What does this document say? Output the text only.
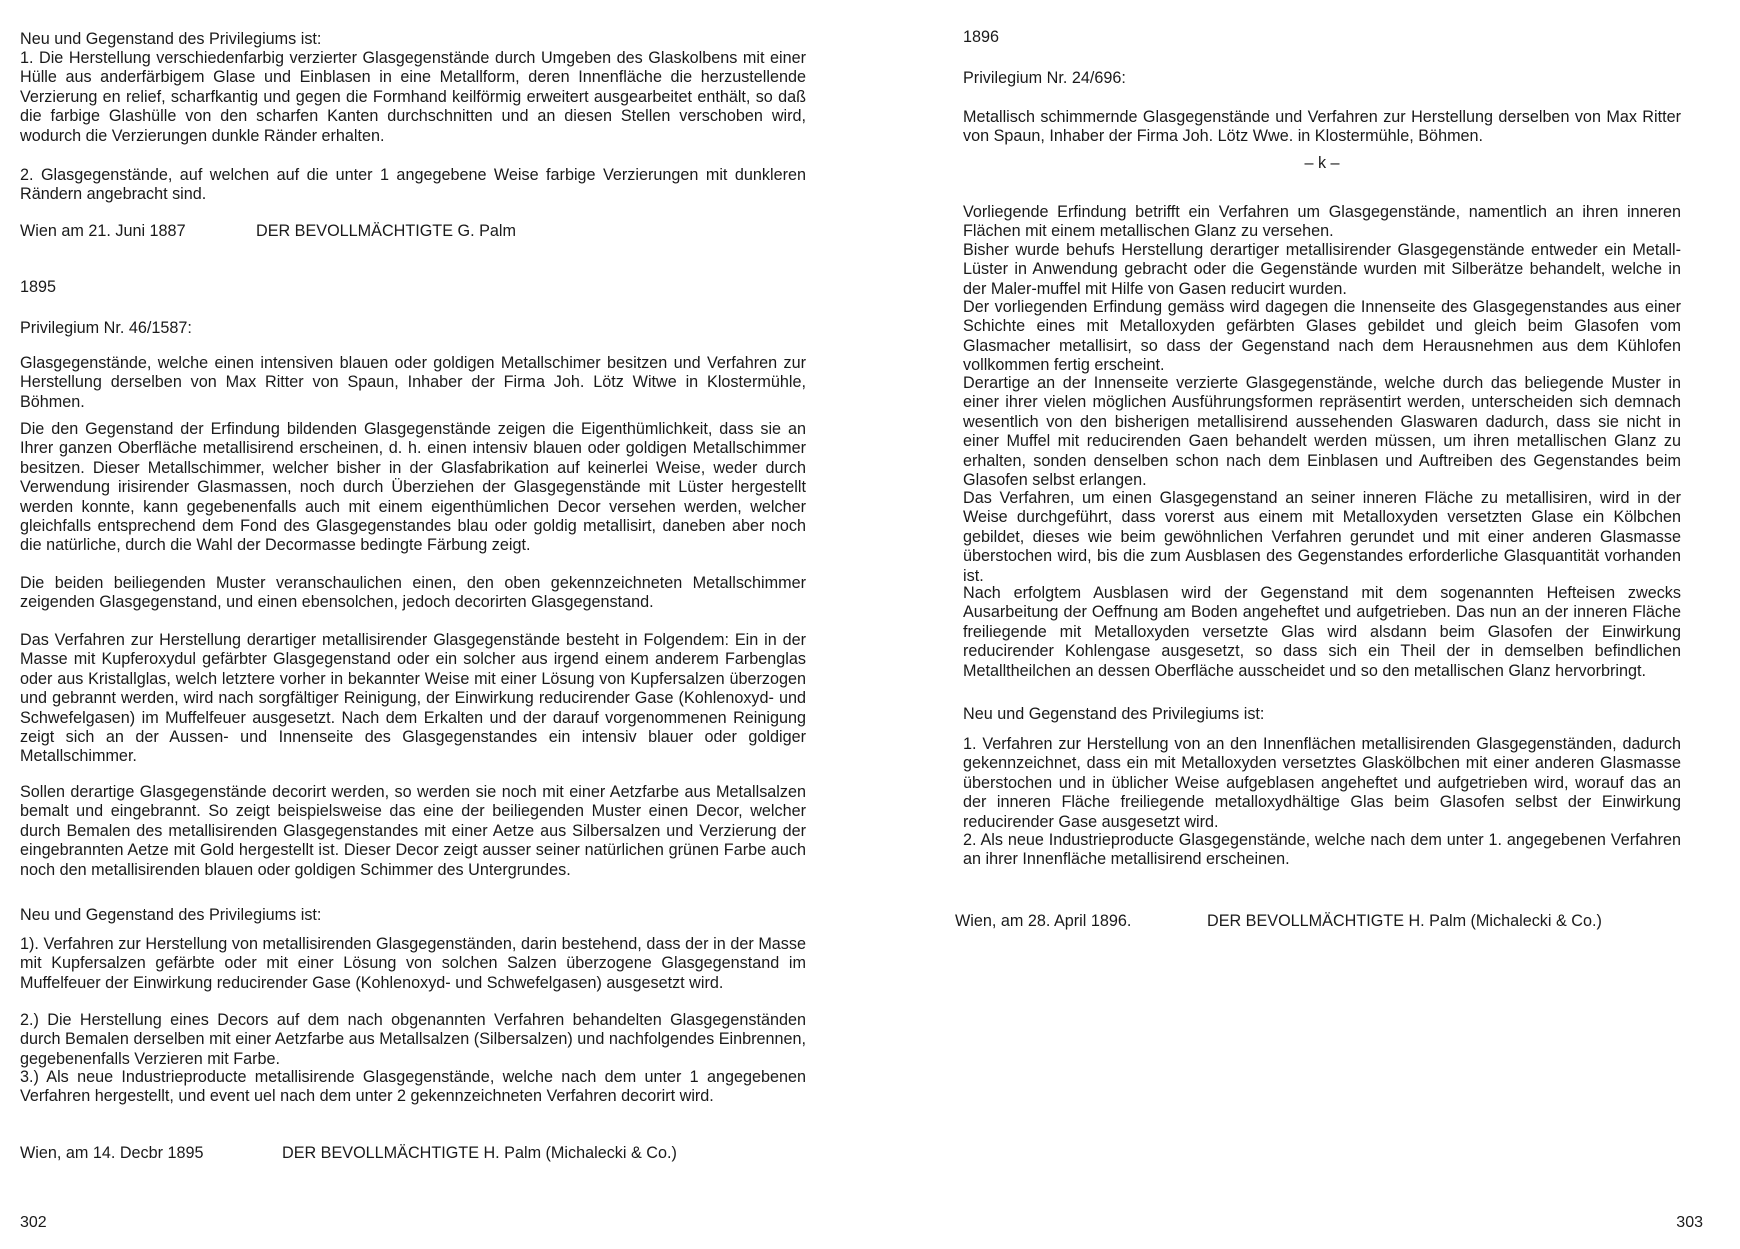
Neu und Gegenstand des Privilegiums ist:

1. Die Herstellung verschiedenfarbig verzierter Glasgegenstände durch Umgeben des Glaskolbens mit einer Hülle aus anderfärbigem Glase und Einblasen in eine Metallform, deren Innenfläche die herzustellende Verzierung en relief, scharfkantig und gegen die Formhand keilförmig erweitert ausgearbeitet enthält, so daß die farbige Glashülle von den scharfen Kanten durchschnitten und an diesen Stellen verschoben wird, wodurch die Verzierungen dunkle Ränder erhalten.

2. Glasgegenstände, auf welchen auf die unter 1 angegebene Weise farbige Verzierungen mit dunkleren Rändern angebracht sind.

Wien am 21. Juni 1887	DER BEVOLLMÄCHTIGTE G. Palm

1895

Privilegium Nr. 46/1587:

Glasgegenstände, welche einen intensiven blauen oder goldigen Metallschimer besitzen und Verfahren zur Herstellung derselben von Max Ritter von Spaun, Inhaber der Firma Joh. Lötz Witwe in Klostermühle, Böhmen.

Die den Gegenstand der Erfindung bildenden Glasgegenstände zeigen die Eigenthümlichkeit, dass sie an Ihrer ganzen Oberfläche metallisirend erscheinen, d. h. einen intensiv blauen oder goldigen Metallschimmer besitzen. Dieser Metallschimmer, welcher bisher in der Glasfabrikation auf keinerlei Weise, weder durch Verwendung irisirender Glasmassen, noch durch Überziehen der Glasgegenstände mit Lüster hergestellt werden konnte, kann gegebenenfalls auch mit einem eigenthümlichen Decor versehen werden, welcher gleichfalls entsprechend dem Fond des Glasgegenstandes blau oder goldig metallisirt, daneben aber noch die natürliche, durch die Wahl der Decormasse bedingte Färbung zeigt.

Die beiden beiliegenden Muster veranschaulichen einen, den oben gekennzeichneten Metallschimmer zeigenden Glasgegenstand, und einen ebensolchen, jedoch decorirten Glasgegenstand.

Das Verfahren zur Herstellung derartiger metallisirender Glasgegenstände besteht in Folgendem: Ein in der Masse mit Kupferoxydul gefärbter Glasgegenstand oder ein solcher aus irgend einem anderem Farbenglas oder aus Kristallglas, welch letztere vorher in bekannter Weise mit einer Lösung von Kupfersalzen überzogen und gebrannt werden, wird nach sorgfältiger Reinigung, der Einwirkung reducirender Gase (Kohlenoxyd- und Schwefelgasen) im Muffelfeuer ausgesetzt. Nach dem Erkalten und der darauf vorgenommenen Reinigung zeigt sich an der Aussen- und Innenseite des Glasgegenstandes ein intensiv blauer oder goldiger Metallschimmer.

Sollen derartige Glasgegenstände decorirt werden, so werden sie noch mit einer Aetzfarbe aus Metallsalzen bemalt und eingebrannt. So zeigt beispielsweise das eine der beiliegenden Muster einen Decor, welcher durch Bemalen des metallisirenden Glasgegenstandes mit einer Aetze aus Silbersalzen und Verzierung der eingebrannten Aetze mit Gold hergestellt ist. Dieser Decor zeigt ausser seiner natürlichen grünen Farbe auch noch den metallisirenden blauen oder goldigen Schimmer des Untergrundes.

Neu und Gegenstand des Privilegiums ist:

1). Verfahren zur Herstellung von metallisirenden Glasgegenständen, darin bestehend, dass der in der Masse mit Kupfersalzen gefärbte oder mit einer Lösung von solchen Salzen überzogene Glasgegenstand im Muffelfeuer der Einwirkung reducirender Gase (Kohlenoxyd- und Schwefelgasen) ausgesetzt wird.

2.) Die Herstellung eines Decors auf dem nach obgenannten Verfahren behandelten Glasgegenständen durch Bemalen derselben mit einer Aetzfarbe aus Metallsalzen (Silbersalzen) und nachfolgendes Einbrennen, gegebenenfalls Verzieren mit Farbe.

3.) Als neue Industrieproducte metallisirende Glasgegenstände, welche nach dem unter 1 angegebenen Verfahren hergestellt, und event uel nach dem unter 2 gekennzeichneten Verfahren decorirt wird.

Wien, am 14. Decbr 1895	DER BEVOLLMÄCHTIGTE H. Palm (Michalecki & Co.)

302

1896

Privilegium Nr. 24/696:

Metallisch schimmernde Glasgegenstände und Verfahren zur Herstellung derselben von Max Ritter von Spaun, Inhaber der Firma Joh. Lötz Wwe. in Klostermühle, Böhmen.

– k –

Vorliegende Erfindung betrifft ein Verfahren um Glasgegenstände, namentlich an ihren inneren Flächen mit einem metallischen Glanz zu versehen.

Bisher wurde behufs Herstellung derartiger metallisirender Glasgegenstände entweder ein Metall-Lüster in Anwendung gebracht oder die Gegenstände wurden mit Silberätze behandelt, welche in der Maler-muffel mit Hilfe von Gasen reducirt wurden.

Der vorliegenden Erfindung gemäss wird dagegen die Innenseite des Glasgegenstandes aus einer Schichte eines mit Metalloxyden gefärbten Glases gebildet und gleich beim Glasofen vom Glasmacher metallisirt, so dass der Gegenstand nach dem Herausnehmen aus dem Kühlofen vollkommen fertig erscheint.

Derartige an der Innenseite verzierte Glasgegenstände, welche durch das beliegende Muster in einer ihrer vielen möglichen Ausführungsformen repräsentirt werden, unterscheiden sich demnach wesentlich von den bisherigen metallisirend aussehenden Glaswaren dadurch, dass sie nicht in einer Muffel mit reducirenden Gaen behandelt werden müssen, um ihren metallischen Glanz zu erhalten, sonden denselben schon nach dem Einblasen und Auftreiben des Gegenstandes beim Glasofen selbst erlangen.

Das Verfahren, um einen Glasgegenstand an seiner inneren Fläche zu metallisiren, wird in der Weise durchgeführt, dass vorerst aus einem mit Metalloxyden versetzten Glase ein Kölbchen gebildet, dieses wie beim gewöhnlichen Verfahren gerundet und mit einer anderen Glasmasse überstochen wird, bis die zum Ausblasen des Gegenstandes erforderliche Glasquantität vorhanden ist.

Nach erfolgtem Ausblasen wird der Gegenstand mit dem sogenannten Hefteisen zwecks Ausarbeitung der Oeffnung am Boden angeheftet und aufgetrieben. Das nun an der inneren Fläche freiliegende mit Metalloxyden versetzte Glas wird alsdann beim Glasofen der Einwirkung reducirender Kohlengase ausgesetzt, so dass sich ein Theil der in demselben befindlichen Metalltheilchen an dessen Oberfläche ausscheidet und so den metallischen Glanz hervorbringt.

Neu und Gegenstand des Privilegiums ist:

1. Verfahren zur Herstellung von an den Innenflächen metallisirenden Glasgegenständen, dadurch gekennzeichnet, dass ein mit Metalloxyden versetztes Glaskölbchen mit einer anderen Glasmasse überstochen und in üblicher Weise aufgeblasen angeheftet und aufgetrieben wird, worauf das an der inneren Fläche freiliegende metalloxydhältige Glas beim Glasofen selbst der Einwirkung reducirender Gase ausgesetzt wird.

2. Als neue Industrieproducte Glasgegenstände, welche nach dem unter 1. angegebenen Verfahren an ihrer Innenfläche metallisirend erscheinen.

Wien, am 28. April 1896.	DER BEVOLLMÄCHTIGTE H. Palm (Michalecki & Co.)

303
